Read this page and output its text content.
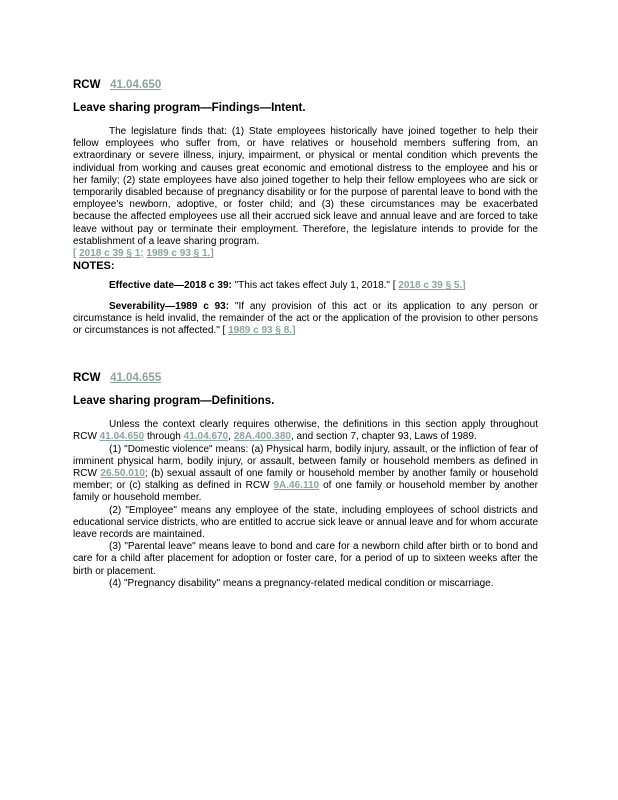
RCW 41.04.650
Leave sharing program—Findings—Intent.

The legislature finds that: (1) State employees historically have joined together to help their fellow employees who suffer from, or have relatives or household members suffering from, an extraordinary or severe illness, injury, impairment, or physical or mental condition which prevents the individual from working and causes great economic and emotional distress to the employee and his or her family; (2) state employees have also joined together to help their fellow employees who are sick or temporarily disabled because of pregnancy disability or for the purpose of parental leave to bond with the employee's newborn, adoptive, or foster child; and (3) these circumstances may be exacerbated because the affected employees use all their accrued sick leave and annual leave and are forced to take leave without pay or terminate their employment. Therefore, the legislature intends to provide for the establishment of a leave sharing program.

[ 2018 c 39 § 1; 1989 c 93 § 1.]
NOTES:

Effective date—2018 c 39: "This act takes effect July 1, 2018." [ 2018 c 39 § 5.]

Severability—1989 c 93: "If any provision of this act or its application to any person or circumstance is held invalid, the remainder of the act or the application of the provision to other persons or circumstances is not affected." [ 1989 c 93 § 8.]

RCW 41.04.655
Leave sharing program—Definitions.

Unless the context clearly requires otherwise, the definitions in this section apply throughout RCW 41.04.650 through 41.04.670, 28A.400.380, and section 7, chapter 93, Laws of 1989.

(1) "Domestic violence" means: (a) Physical harm, bodily injury, assault, or the infliction of fear of imminent physical harm, bodily injury, or assault, between family or household members as defined in RCW 26.50.010; (b) sexual assault of one family or household member by another family or household member; or (c) stalking as defined in RCW 9A.46.110 of one family or household member by another family or household member.

(2) "Employee" means any employee of the state, including employees of school districts and educational service districts, who are entitled to accrue sick leave or annual leave and for whom accurate leave records are maintained.

(3) "Parental leave" means leave to bond and care for a newborn child after birth or to bond and care for a child after placement for adoption or foster care, for a period of up to sixteen weeks after the birth or placement.

(4) "Pregnancy disability" means a pregnancy-related medical condition or miscarriage.
